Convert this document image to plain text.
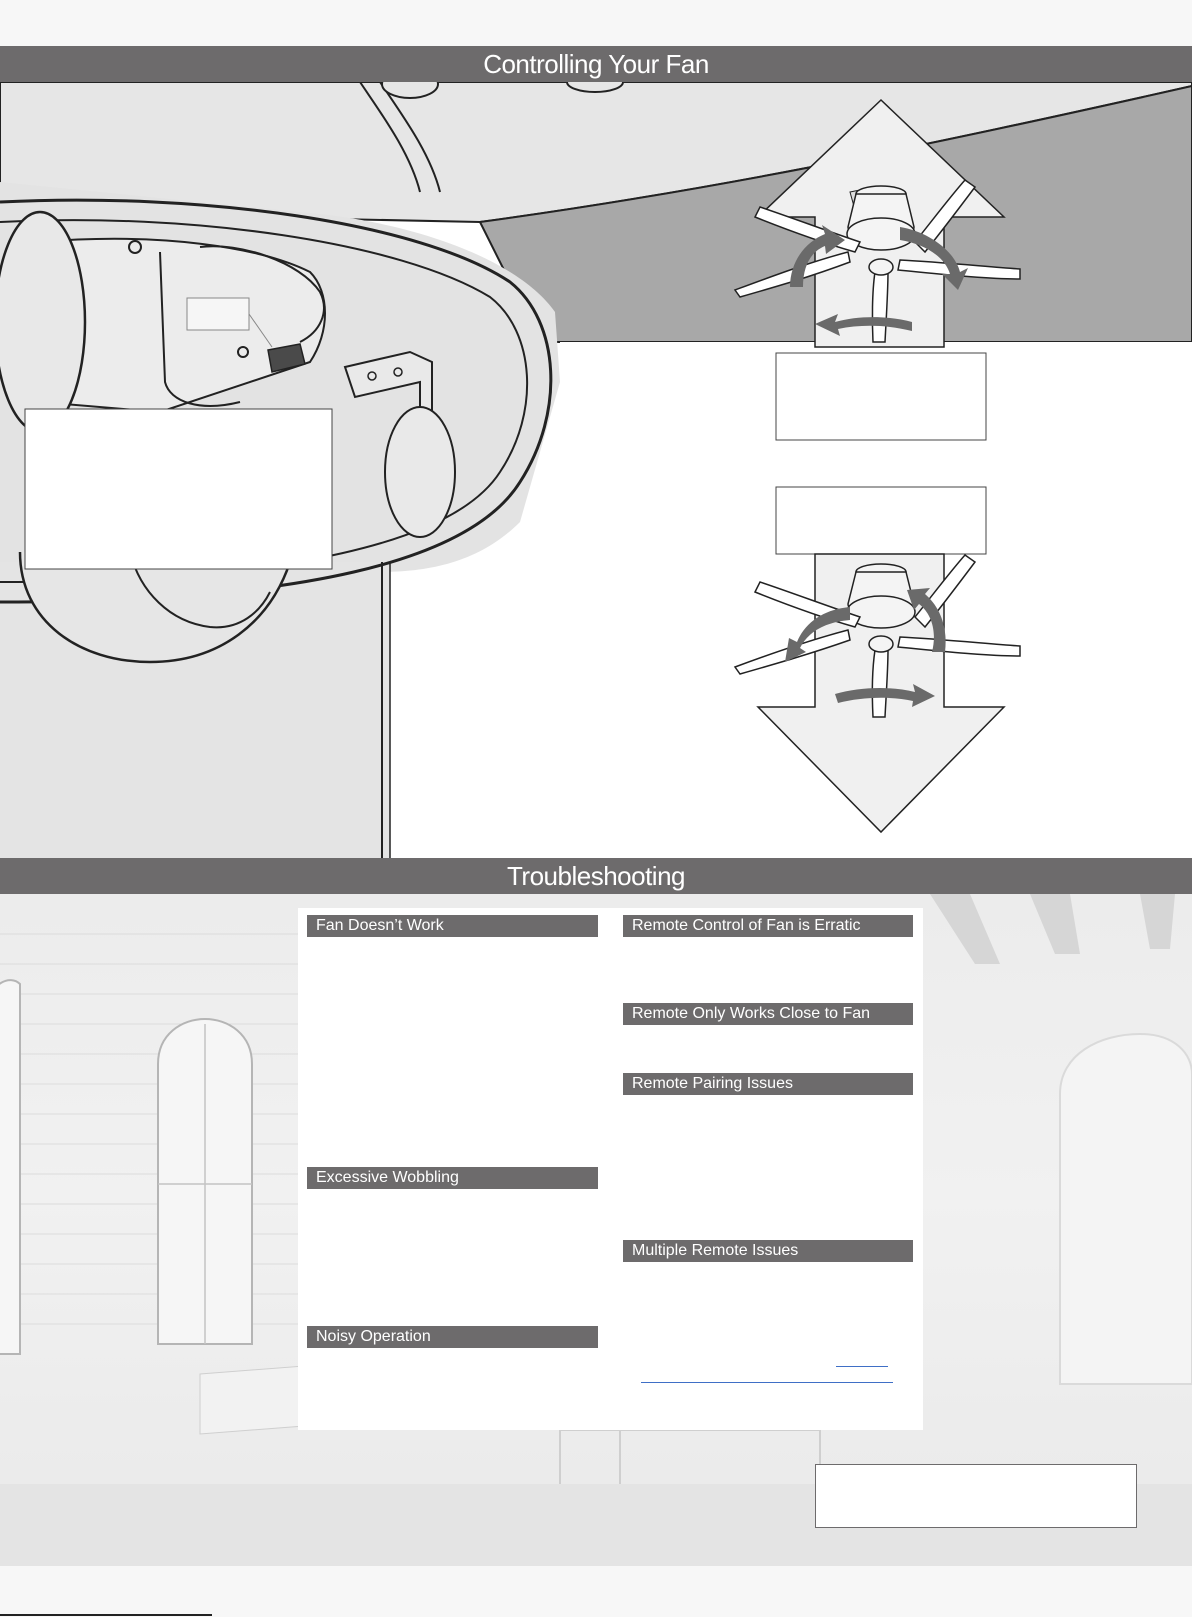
Controlling Your Fan
Troubleshooting
Fan Doesn’t Work
Excessive Wobbling
Noisy Operation
Remote Control of Fan is Erratic
Remote Only Works Close to Fan
Remote Pairing Issues
Multiple Remote Issues
